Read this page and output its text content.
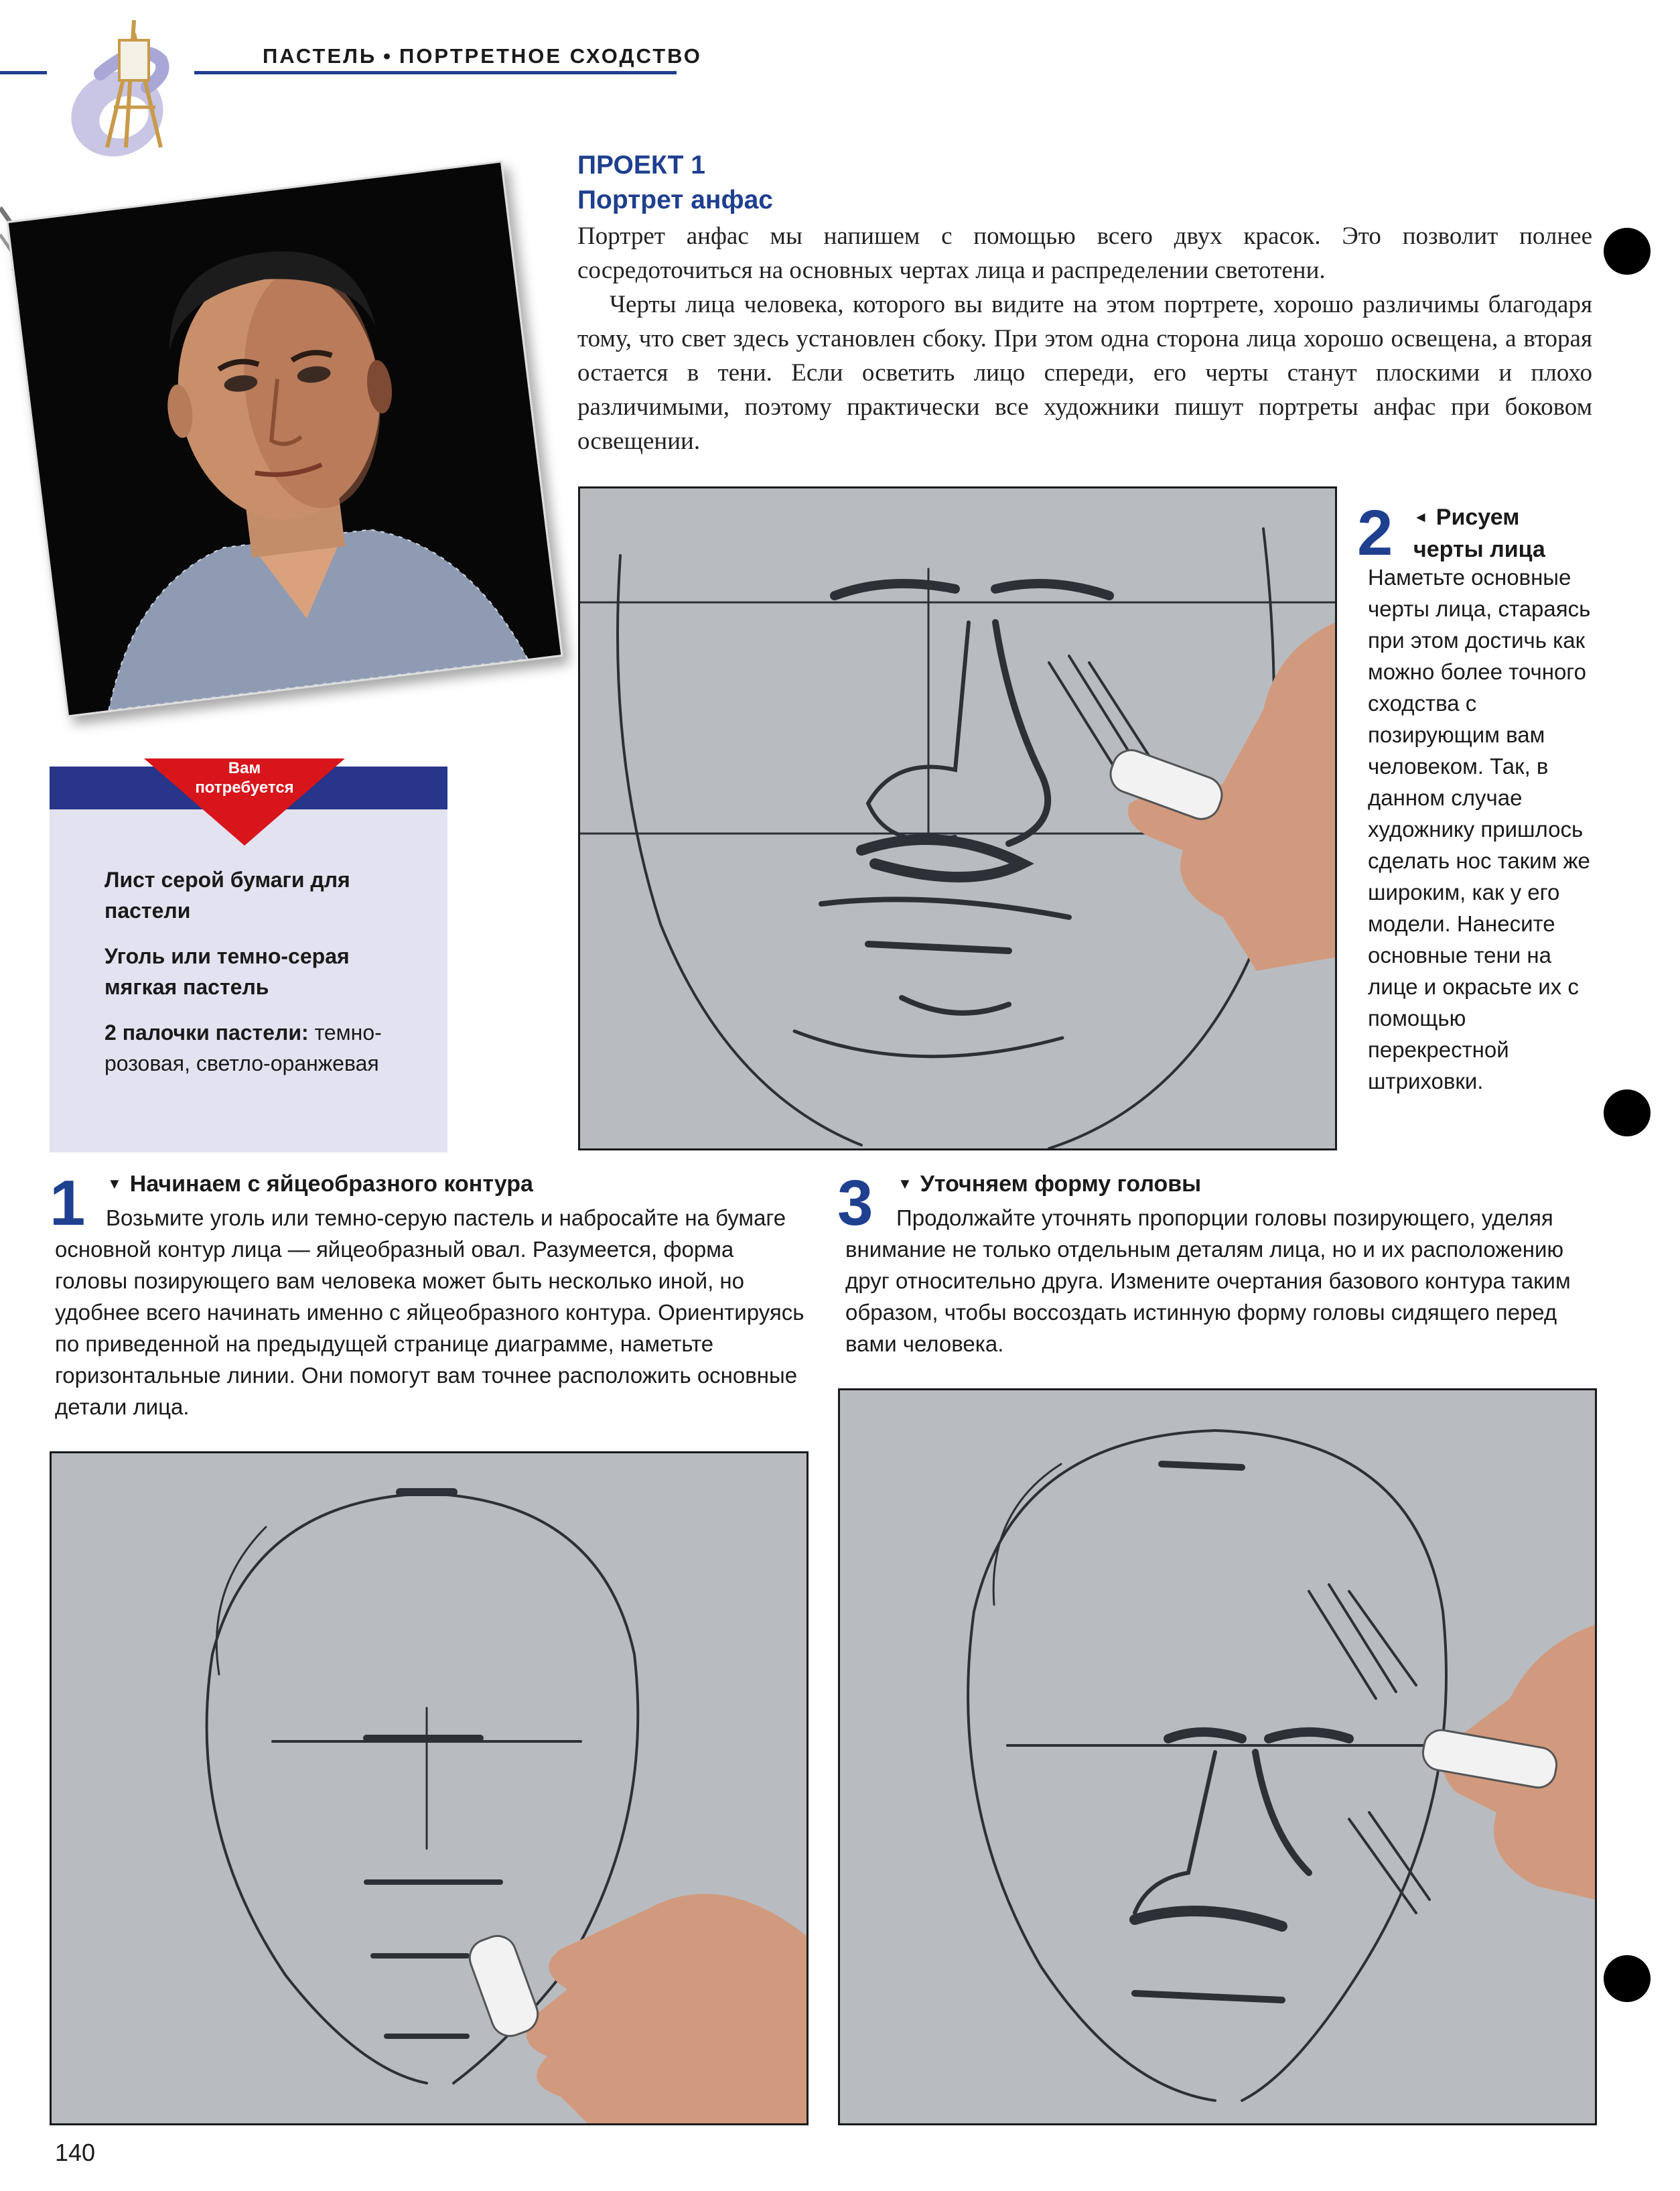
ПАСТЕЛЬ • ПОРТРЕТНОЕ СХОДСТВО
ПРОЕКТ 1
Портрет анфас

Портрет анфас мы напишем с помощью всего двух красок. Это позволит полнее сосредоточиться на основных чертах лица и распределении светотени.

Черты лица человека, которого вы видите на этом портрете, хорошо различимы благодаря тому, что свет здесь установлен сбоку. При этом одна сторона лица хорошо освещена, а вторая остается в тени. Если осветить лицо спереди, его черты станут плоскими и плохо различимыми, поэтому практически все художники пишут портреты анфас при боковом освещении.

Вам
потребуется
Лист серой бумаги для пастели
Уголь или темно-серая мягкая пастель
2 палочки пастели: темно-розовая, светло-оранжевая
2 ◄ Рисуем
черты лица
Наметьте основные черты лица, стараясь при этом достичь как можно более точного сходства с позирующим вам человеком. Так, в данном случае художнику пришлось сделать нос таким же широким, как у его модели. Нанесите основные тени на лице и окрасьте их с помощью перекрестной штриховки.
1 ▼ Начинаем с яйцеобразного контура
Возьмите уголь или темно-серую пастель и набросайте на бумаге основной контур лица — яйцеобразный овал. Разумеется, форма головы позирующего вам человека может быть несколько иной, но удобнее всего начинать именно с яйцеобразного контура. Ориентируясь по приведенной на предыдущей странице диаграмме, наметьте горизонтальные линии. Они помогут вам точнее расположить основные детали лица.
3 ▼ Уточняем форму головы
Продолжайте уточнять пропорции головы позирующего, уделяя внимание не только отдельным деталям лица, но и их расположению друг относительно друга. Измените очертания базового контура таким образом, чтобы воссоздать истинную форму головы сидящего перед вами человека.
140
